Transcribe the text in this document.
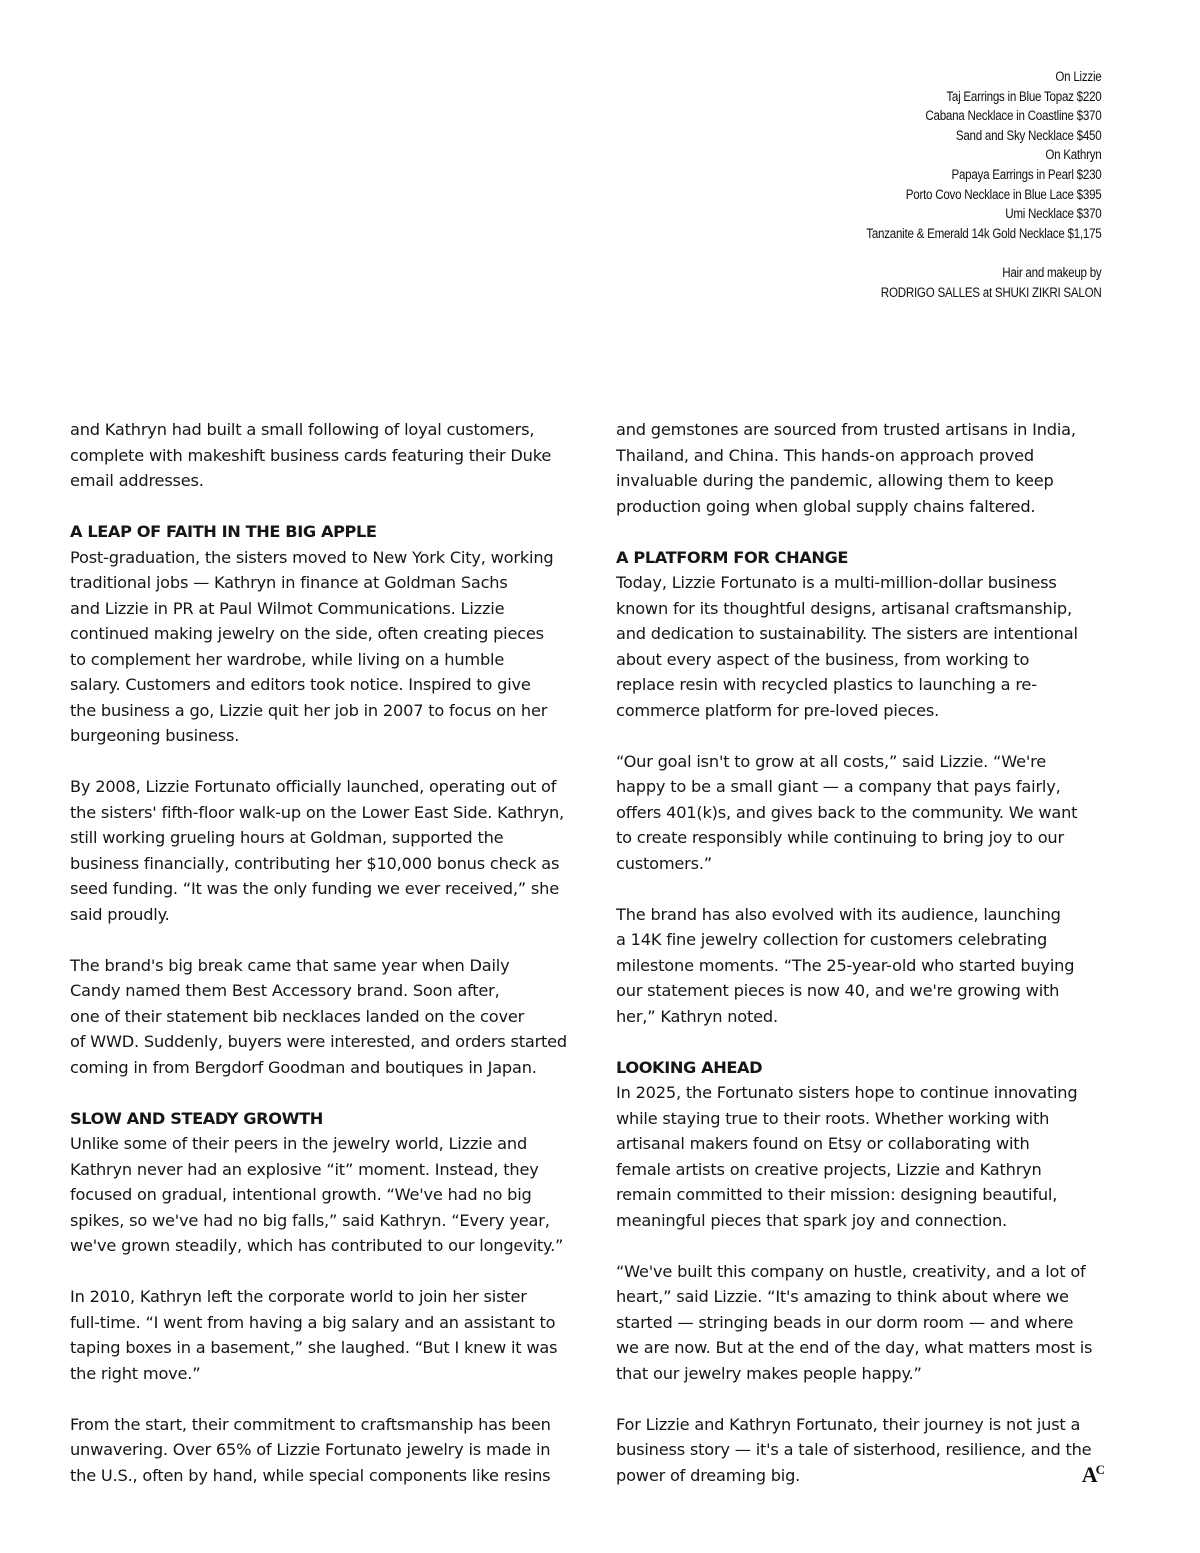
On Lizzie
Taj Earrings in Blue Topaz $220
Cabana Necklace in Coastline $370
Sand and Sky Necklace $450
On Kathryn
Papaya Earrings in Pearl $230
Porto Covo Necklace in Blue Lace $395
Umi Necklace $370
Tanzanite & Emerald 14k Gold Necklace $1,175
Hair and makeup by
RODRIGO SALLES at SHUKI ZIKRI SALON

and Kathryn had built a small following of loyal customers,
complete with makeshift business cards featuring their Duke
email addresses.

A LEAP OF FAITH IN THE BIG APPLE

Post-graduation, the sisters moved to New York City, working
traditional jobs — Kathryn in finance at Goldman Sachs
and Lizzie in PR at Paul Wilmot Communications. Lizzie
continued making jewelry on the side, often creating pieces
to complement her wardrobe, while living on a humble
salary. Customers and editors took notice. Inspired to give
the business a go, Lizzie quit her job in 2007 to focus on her
burgeoning business.

By 2008, Lizzie Fortunato officially launched, operating out of
the sisters' fifth-floor walk-up on the Lower East Side. Kathryn,
still working grueling hours at Goldman, supported the
business financially, contributing her $10,000 bonus check as
seed funding. “It was the only funding we ever received,” she
said proudly.

The brand's big break came that same year when Daily
Candy named them Best Accessory brand. Soon after,
one of their statement bib necklaces landed on the cover
of WWD. Suddenly, buyers were interested, and orders started
coming in from Bergdorf Goodman and boutiques in Japan.

SLOW AND STEADY GROWTH

Unlike some of their peers in the jewelry world, Lizzie and
Kathryn never had an explosive “it” moment. Instead, they
focused on gradual, intentional growth. “We've had no big
spikes, so we've had no big falls,” said Kathryn. “Every year,
we've grown steadily, which has contributed to our longevity.”

In 2010, Kathryn left the corporate world to join her sister
full-time. “I went from having a big salary and an assistant to
taping boxes in a basement,” she laughed. “But I knew it was
the right move.”

From the start, their commitment to craftsmanship has been
unwavering. Over 65% of Lizzie Fortunato jewelry is made in
the U.S., often by hand, while special components like resins

and gemstones are sourced from trusted artisans in India,
Thailand, and China. This hands-on approach proved
invaluable during the pandemic, allowing them to keep
production going when global supply chains faltered.

A PLATFORM FOR CHANGE

Today, Lizzie Fortunato is a multi-million-dollar business
known for its thoughtful designs, artisanal craftsmanship,
and dedication to sustainability. The sisters are intentional
about every aspect of the business, from working to
replace resin with recycled plastics to launching a re-
commerce platform for pre-loved pieces.

“Our goal isn't to grow at all costs,” said Lizzie. “We're
happy to be a small giant — a company that pays fairly,
offers 401(k)s, and gives back to the community. We want
to create responsibly while continuing to bring joy to our
customers.”

The brand has also evolved with its audience, launching
a 14K fine jewelry collection for customers celebrating
milestone moments. “The 25-year-old who started buying
our statement pieces is now 40, and we're growing with
her,” Kathryn noted.

LOOKING AHEAD

In 2025, the Fortunato sisters hope to continue innovating
while staying true to their roots. Whether working with
artisanal makers found on Etsy or collaborating with
female artists on creative projects, Lizzie and Kathryn
remain committed to their mission: designing beautiful,
meaningful pieces that spark joy and connection.

“We've built this company on hustle, creativity, and a lot of
heart,” said Lizzie. “It's amazing to think about where we
started — stringing beads in our dorm room — and where
we are now. But at the end of the day, what matters most is
that our jewelry makes people happy.”

For Lizzie and Kathryn Fortunato, their journey is not just a
business story — it's a tale of sisterhood, resilience, and the
power of dreaming big.	$A^C$
